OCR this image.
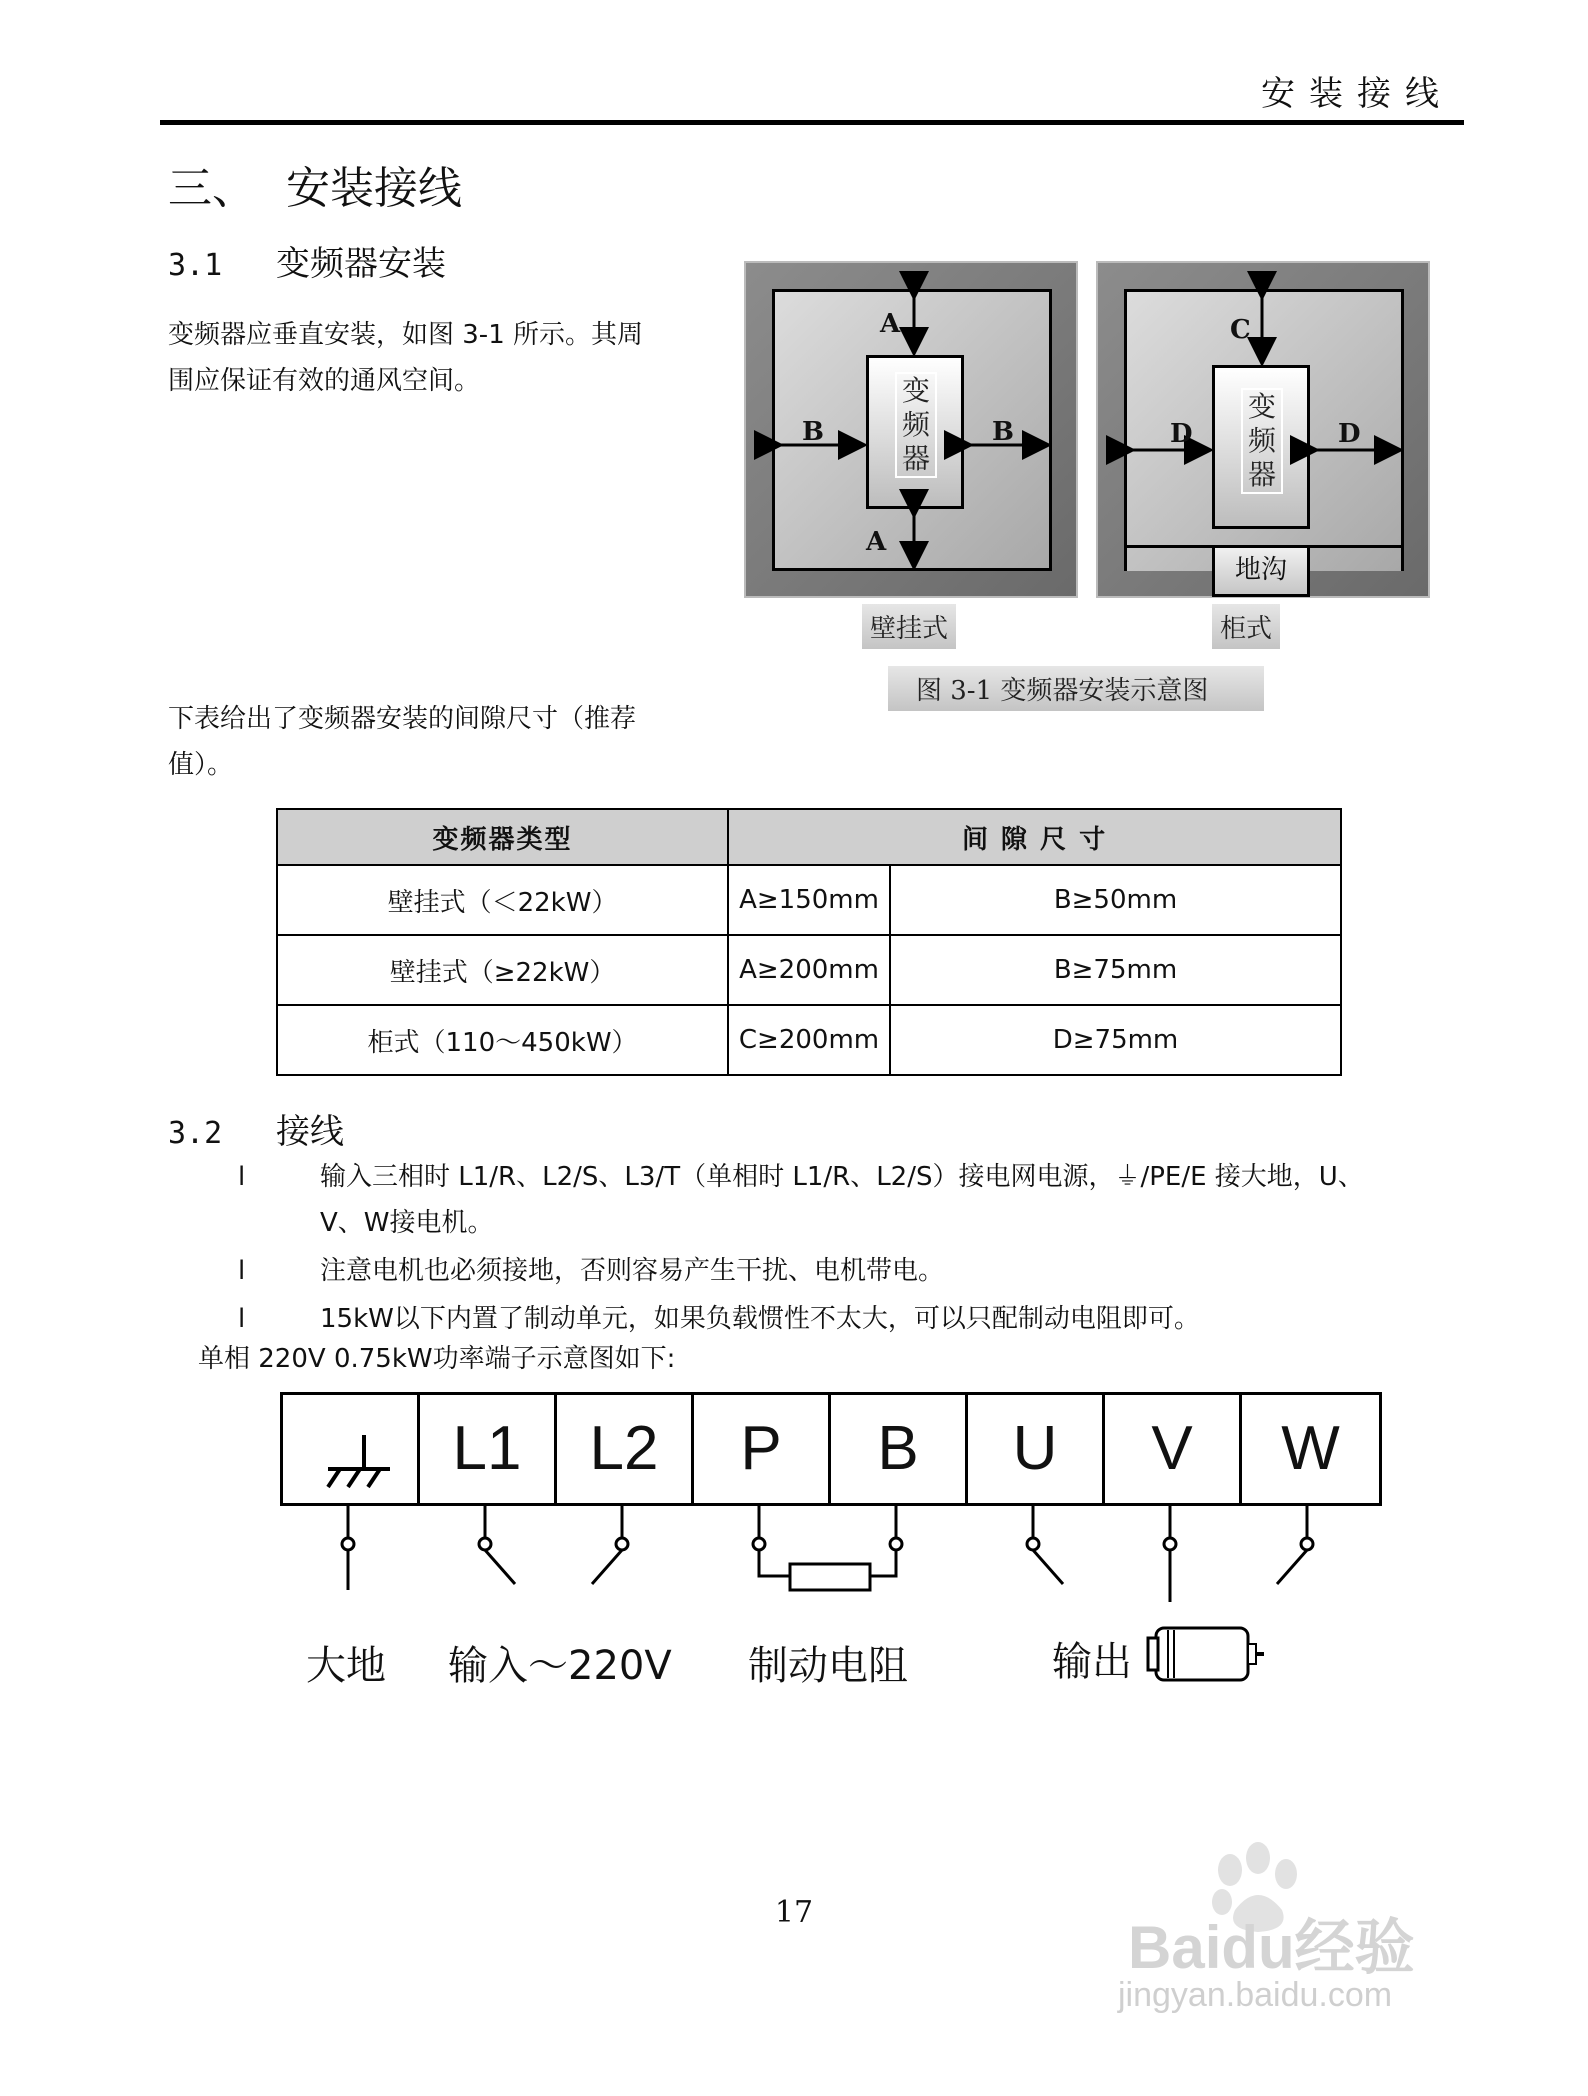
安装接线
三、 安装接线
3.1 变频器安装
变频器应垂直安装，如图 3-1 所示。其周
围应保证有效的通风空间。	变
频
器
A
A
B	B
壁挂式
变
频
器
地沟
C
D	D
柜式
图 3-1 变频器安装示意图
下表给出了变频器安装的间隙尺寸（推荐
值）。
变频器类型	间 隙 尺 寸	
壁挂式（＜22kW）	A≥150mm	B≥50mm
壁挂式（≥22kW）	A≥200mm	B≥75mm
柜式（110～450kW）	C≥200mm	D≥75mm
3.2 接线
l	输入三相时 L1/R、L2/S、L3/T（单相时 L1/R、L2/S）接电网电源，⏚/PE/E 接大地，U、
V、W接电机。
l	注意电机也必须接地，否则容易产生干扰、电机带电。
l	15kW以下内置了制动单元，如果负载惯性不太大，可以只配制动电阻即可。
单相 220V 0.75kW功率端子示意图如下:
L1	L2	P	B	U	V	W
大地 输入～220V 制动电阻	输出
17
Baidu经验
jingyan.baidu.com
